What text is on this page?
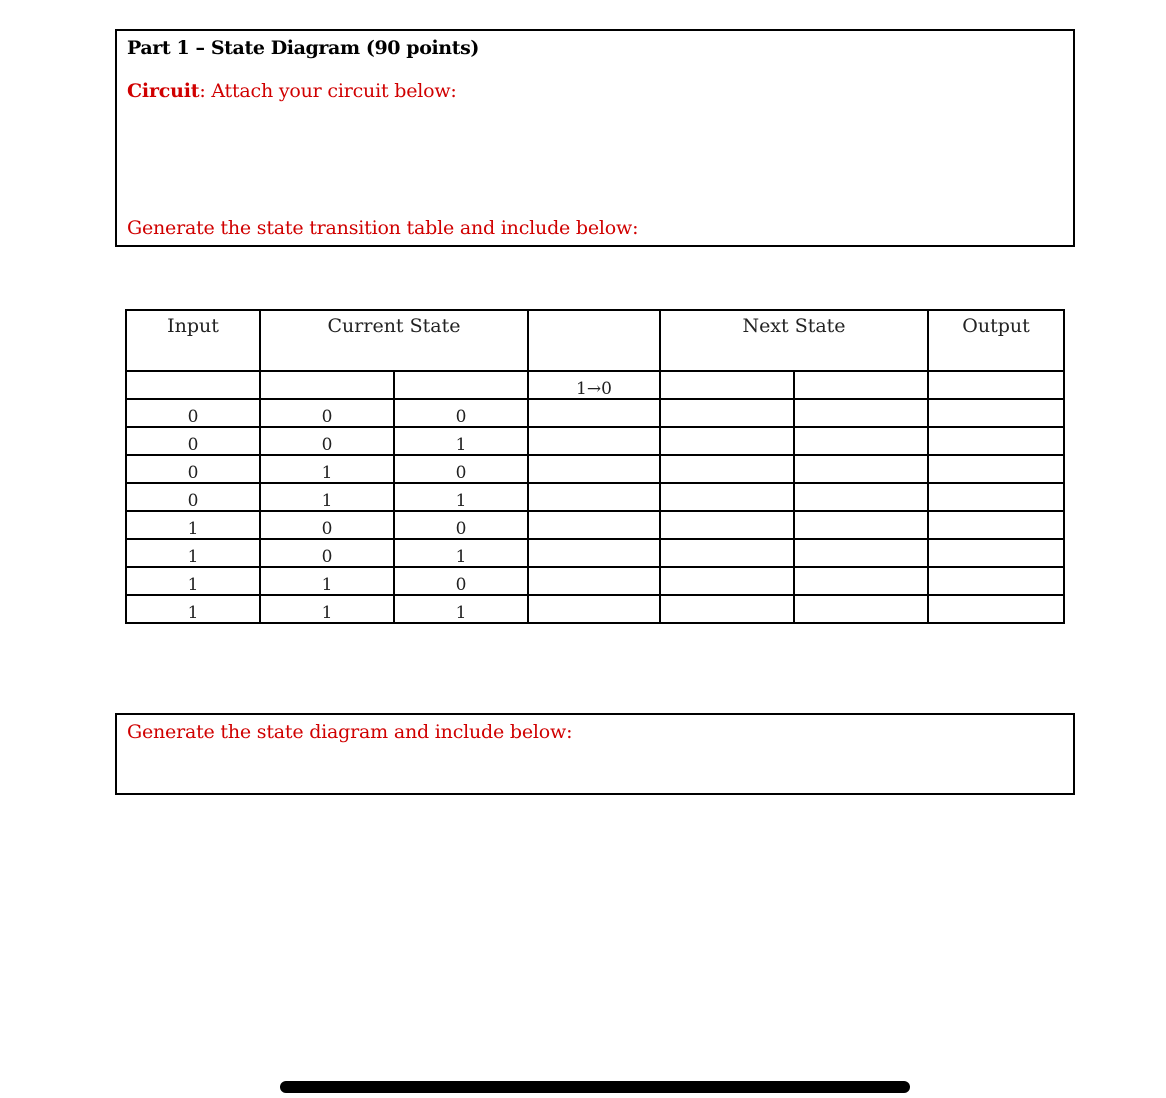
Part 1 – State Diagram (90 points)
Circuit: Attach your circuit below:
Generate the state transition table and include below:
Input	Current State			Next State		Output
			1→0			
0	0	0				
0	0	1				
0	1	0				
0	1	1				
1	0	0				
1	0	1				
1	1	0				
1	1	1				
Generate the state diagram and include below:
